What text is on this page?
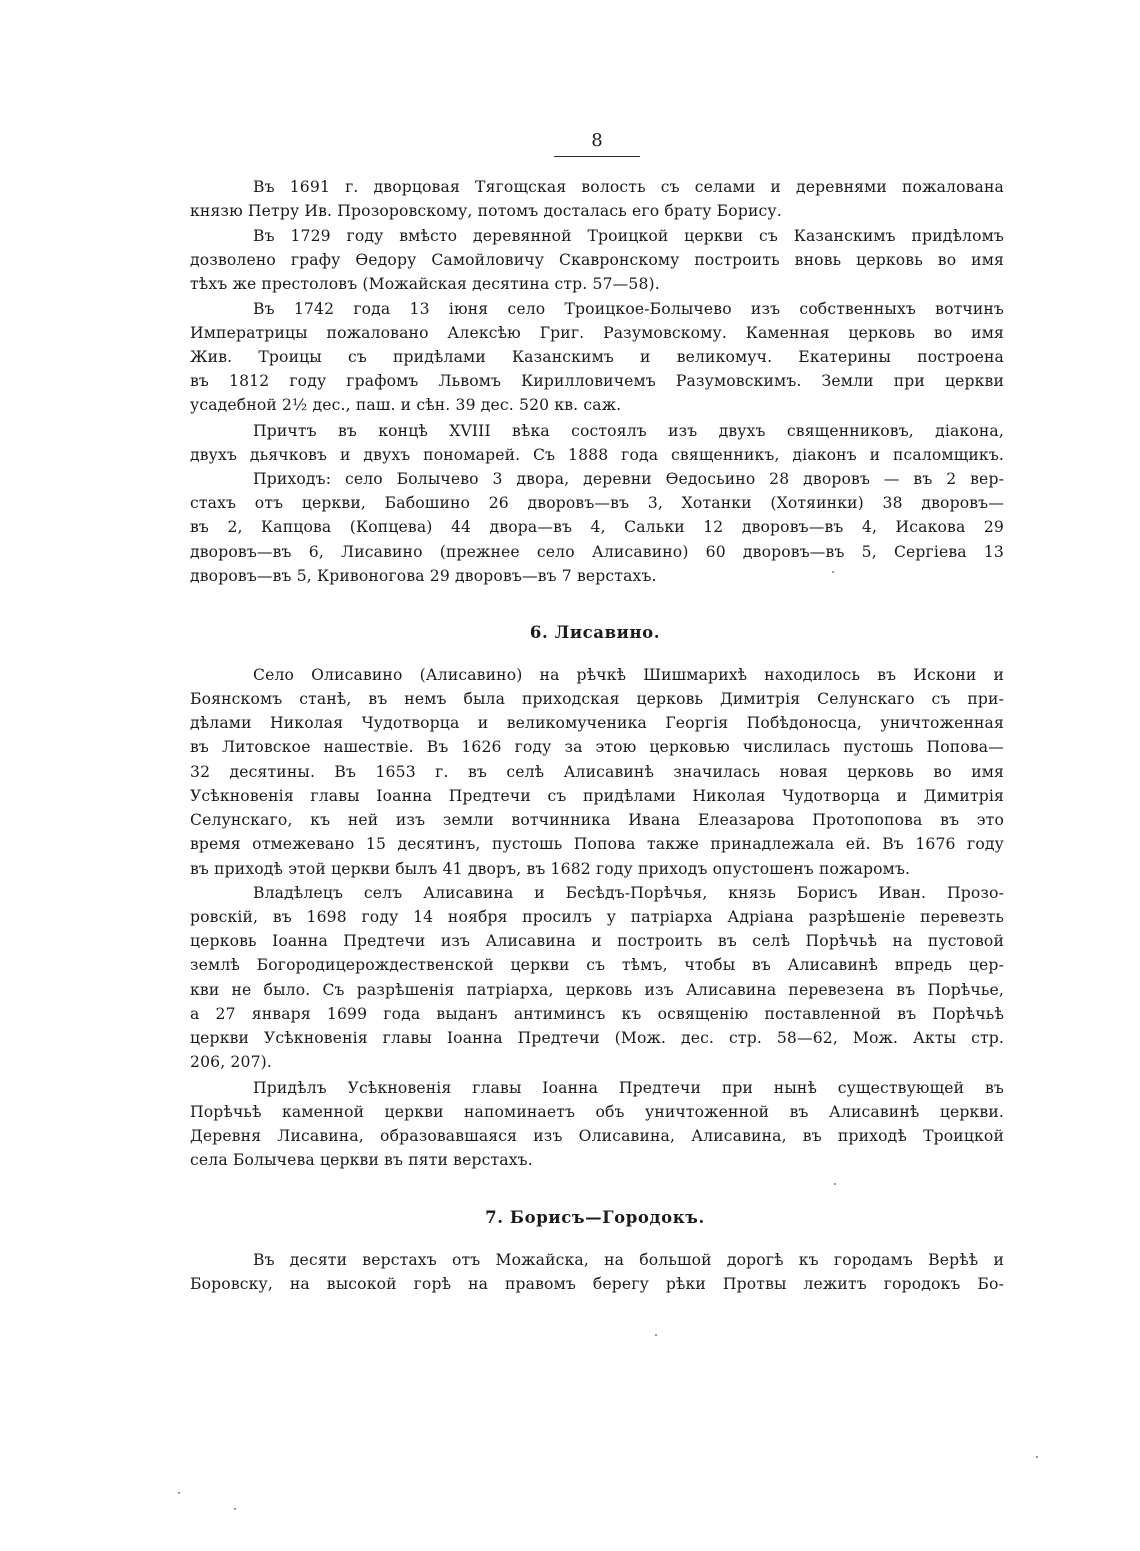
8
Въ 1691 г. дворцовая Тягощская волость съ селами и деревнями пожалована
князю Петру Ив. Прозоровскому, потомъ досталась его брату Борису.
Въ 1729 году вмѣсто деревянной Троицкой церкви съ Казанскимъ придѣломъ
дозволено графу Ѳедору Самойловичу Скавронскому построить вновь церковь во имя
тѣхъ же престоловъ (Можайская десятина стр. 57—58).
Въ 1742 года 13 іюня село Троицкое-Болычево изъ собственныхъ вотчинъ
Императрицы пожаловано Алексѣю Григ. Разумовскому. Каменная церковь во имя
Жив. Троицы съ придѣлами Казанскимъ и великомуч. Екатерины построена
въ 1812 году графомъ Львомъ Кирилловичемъ Разумовскимъ. Земли при церкви
усадебной 2½ дес., паш. и сѣн. 39 дес. 520 кв. саж.
Причтъ въ концѣ XVIII вѣка состоялъ изъ двухъ священниковъ, діакона,
двухъ дьячковъ и двухъ пономарей. Съ 1888 года священникъ, діаконъ и псаломщикъ.
Приходъ: село Болычево 3 двора, деревни Ѳедосьино 28 дворовъ — въ 2 вер-
стахъ отъ церкви, Бабошино 26 дворовъ—въ 3, Хотанки (Хотяинки) 38 дворовъ—
въ 2, Капцова (Копцева) 44 двора—въ 4, Сальки 12 дворовъ—въ 4, Исакова 29
дворовъ—въ 6, Лисавино (прежнее село Алисавино) 60 дворовъ—въ 5, Сергіева 13
дворовъ—въ 5, Кривоногова 29 дворовъ—въ 7 верстахъ.
6. Лисавино.
Село Олисавино (Алисавино) на рѣчкѣ Шишмарихѣ находилось въ Искони и
Боянскомъ станѣ, въ немъ была приходская церковь Димитрія Селунскаго съ при-
дѣлами Николая Чудотворца и великомученика Георгія Побѣдоносца, уничтоженная
въ Литовское нашествіе. Въ 1626 году за этою церковью числилась пустошь Попова—
32 десятины. Въ 1653 г. въ селѣ Алисавинѣ значилась новая церковь во имя
Усѣкновенія главы Іоанна Предтечи съ придѣлами Николая Чудотворца и Димитрія
Селунскаго, къ ней изъ земли вотчинника Ивана Елеазарова Протопопова въ это
время отмежевано 15 десятинъ, пустошь Попова также принадлежала ей. Въ 1676 году
въ приходѣ этой церкви былъ 41 дворъ, въ 1682 году приходъ опустошенъ пожаромъ.
Владѣлецъ селъ Алисавина и Бесѣдъ-Порѣчья, князь Борисъ Иван. Прозо-
ровскій, въ 1698 году 14 ноября просилъ у патріарха Адріана разрѣшеніе перевезть
церковь Іоанна Предтечи изъ Алисавина и построить въ селѣ Порѣчьѣ на пустовой
землѣ Богородицерождественской церкви съ тѣмъ, чтобы въ Алисавинѣ впредь цер-
кви не было. Съ разрѣшенія патріарха, церковь изъ Алисавина перевезена въ Порѣчье,
а 27 января 1699 года выданъ антиминсъ къ освященію поставленной въ Порѣчьѣ
церкви Усѣкновенія главы Іоанна Предтечи (Мож. дес. стр. 58—62, Мож. Акты стр.
206, 207).
Придѣлъ Усѣкновенія главы Іоанна Предтечи при нынѣ существующей въ
Порѣчьѣ каменной церкви напоминаетъ объ уничтоженной въ Алисавинѣ церкви.
Деревня Лисавина, образовавшаяся изъ Олисавина, Алисавина, въ приходѣ Троицкой
села Болычева церкви въ пяти верстахъ.
7. Борисъ—Городокъ.
Въ десяти верстахъ отъ Можайска, на большой дорогѣ къ городамъ Верѣѣ и
Боровску, на высокой горѣ на правомъ берегу рѣки Протвы лежитъ городокъ Бо-
